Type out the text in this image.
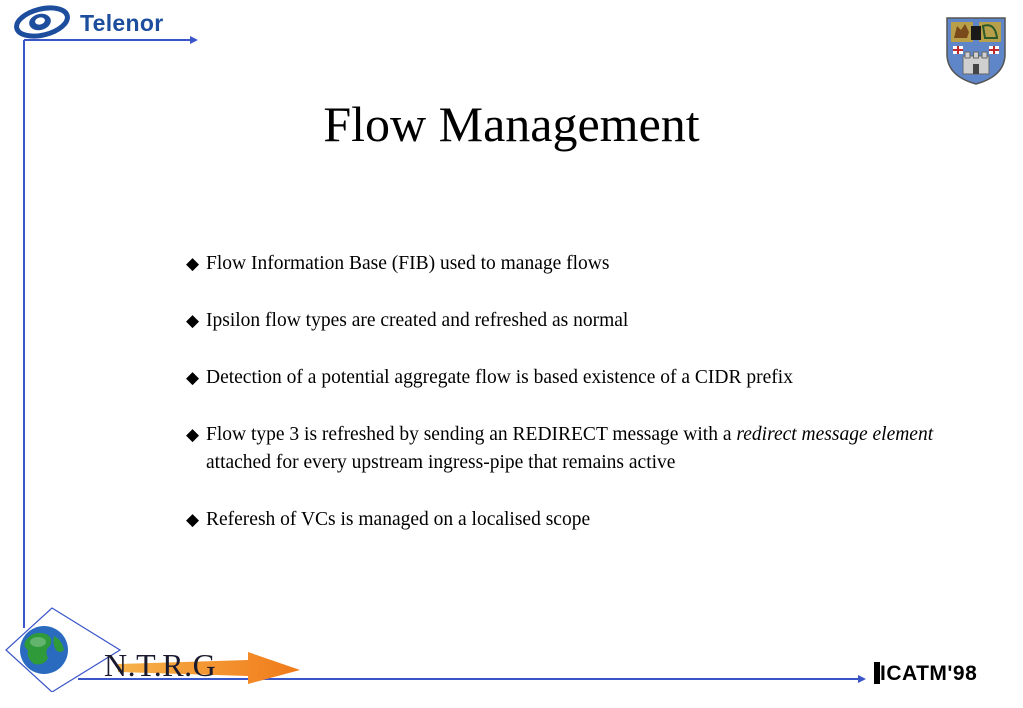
Telenor
Flow Management
◆ Flow Information Base (FIB) used to manage flows
◆ Ipsilon flow types are created and refreshed as normal
◆ Detection of a potential aggregate flow is based existence of a CIDR prefix
◆ Flow type 3 is refreshed by sending an REDIRECT message with a redirect message element attached for every upstream ingress-pipe that remains active
◆ Referesh of VCs is managed on a localised scope
N.T.R.G	ICATM'98
